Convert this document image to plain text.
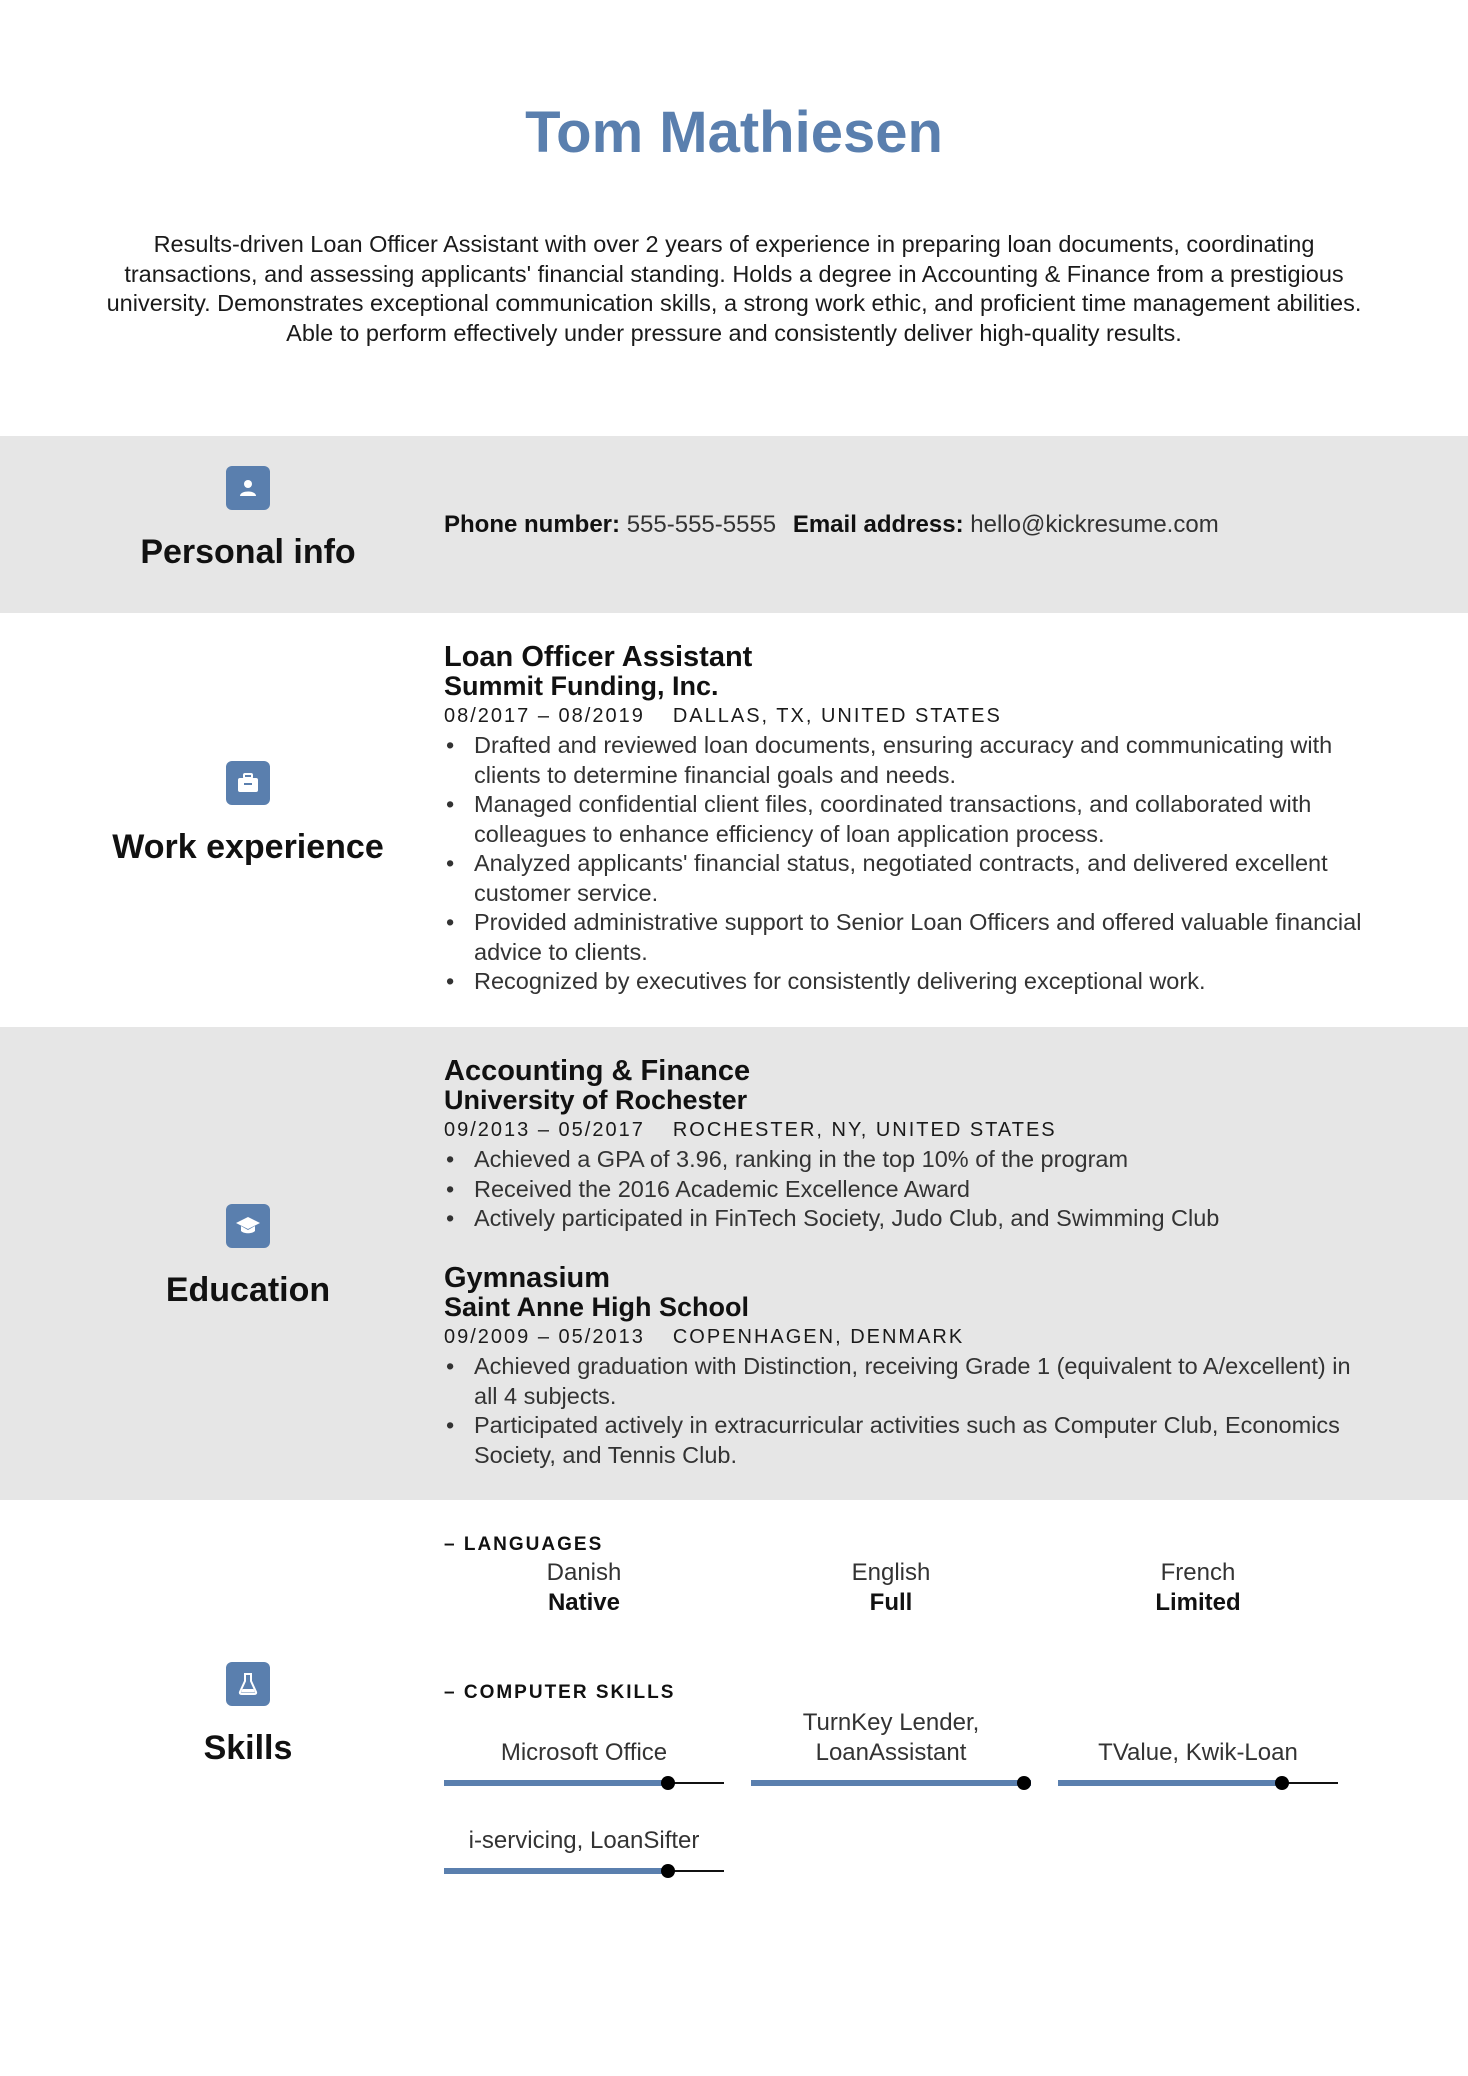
Tom Mathiesen
Results-driven Loan Officer Assistant with over 2 years of experience in preparing loan documents, coordinating transactions, and assessing applicants' financial standing. Holds a degree in Accounting & Finance from a prestigious university. Demonstrates exceptional communication skills, a strong work ethic, and proficient time management abilities. Able to perform effectively under pressure and consistently deliver high-quality results.
Personal info
Phone number: 555-555-5555 Email address: hello@kickresume.com
Work experience
Loan Officer Assistant
Summit Funding, Inc.
08/2017 – 08/2019 DALLAS, TX, UNITED STATES
• Drafted and reviewed loan documents, ensuring accuracy and communicating with clients to determine financial goals and needs.
• Managed confidential client files, coordinated transactions, and collaborated with colleagues to enhance efficiency of loan application process.
• Analyzed applicants' financial status, negotiated contracts, and delivered excellent customer service.
• Provided administrative support to Senior Loan Officers and offered valuable financial advice to clients.
• Recognized by executives for consistently delivering exceptional work.
Education
Accounting & Finance
University of Rochester
09/2013 – 05/2017 ROCHESTER, NY, UNITED STATES
• Achieved a GPA of 3.96, ranking in the top 10% of the program
• Received the 2016 Academic Excellence Award
• Actively participated in FinTech Society, Judo Club, and Swimming Club
Gymnasium
Saint Anne High School
09/2009 – 05/2013 COPENHAGEN, DENMARK
• Achieved graduation with Distinction, receiving Grade 1 (equivalent to A/excellent) in all 4 subjects.
• Participated actively in extracurricular activities such as Computer Club, Economics Society, and Tennis Club.
Skills
– LANGUAGES
Danish
Native
English
Full
French
Limited
– COMPUTER SKILLS
Microsoft Office
TurnKey Lender, LoanAssistant	TValue, Kwik-Loan
i-servicing, LoanSifter
